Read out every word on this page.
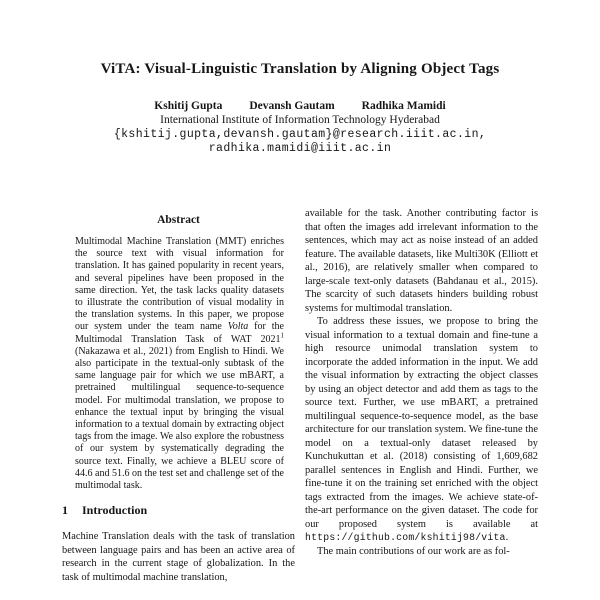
ViTA: Visual-Linguistic Translation by Aligning Object Tags
Kshitij Gupta Devansh Gautam Radhika Mamidi
International Institute of Information Technology Hyderabad
{kshitij.gupta,devansh.gautam}@research.iiit.ac.in,
radhika.mamidi@iiit.ac.in
Abstract

Multimodal Machine Translation (MMT) enriches the source text with visual information for translation. It has gained popularity in recent years, and several pipelines have been proposed in the same direction. Yet, the task lacks quality datasets to illustrate the contribution of visual modality in the translation systems. In this paper, we propose our system under the team name Volta for the Multimodal Translation Task of WAT 2021$^1$ (Nakazawa et al., 2021) from English to Hindi. We also participate in the textual-only subtask of the same language pair for which we use mBART, a pretrained multilingual sequence-to-sequence model. For multimodal translation, we propose to enhance the textual input by bringing the visual information to a textual domain by extracting object tags from the image. We also explore the robustness of our system by systematically degrading the source text. Finally, we achieve a BLEU score of 44.6 and 51.6 on the test set and challenge set of the multimodal task.

1 Introduction

Machine Translation deals with the task of translation between language pairs and has been an active area of research in the current stage of globalization. In the task of multimodal machine translation,

available for the task. Another contributing factor is that often the images add irrelevant information to the sentences, which may act as noise instead of an added feature. The available datasets, like Multi30K (Elliott et al., 2016), are relatively smaller when compared to large-scale text-only datasets (Bahdanau et al., 2015). The scarcity of such datasets hinders building robust systems for multimodal translation.

To address these issues, we propose to bring the visual information to a textual domain and fine-tune a high resource unimodal translation system to incorporate the added information in the input. We add the visual information by extracting the object classes by using an object detector and add them as tags to the source text. Further, we use mBART, a pretrained multilingual sequence-to-sequence model, as the base architecture for our translation system. We fine-tune the model on a textual-only dataset released by Kunchukuttan et al. (2018) consisting of 1,609,682 parallel sentences in English and Hindi. Further, we fine-tune it on the training set enriched with the object tags extracted from the images. We achieve state-of-the-art performance on the given dataset. The code for our proposed system is available at https://github.com/kshitij98/vita.

The main contributions of our work are as fol-
